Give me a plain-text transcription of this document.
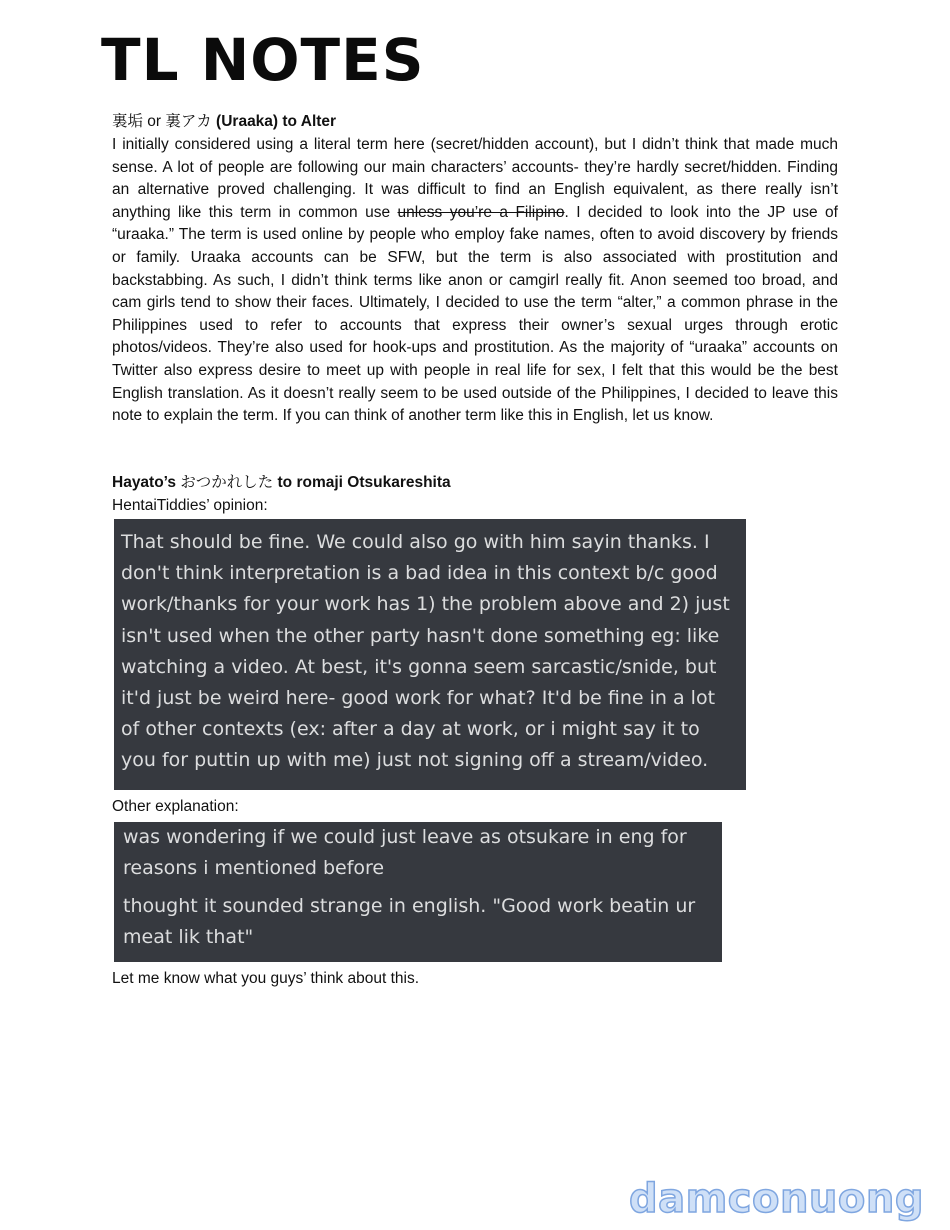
TL NOTES

裏垢 or 裏アカ (Uraaka) to Alter

I initially considered using a literal term here (secret/hidden account), but I didn’t think that made much sense. A lot of people are following our main characters’ accounts- they’re hardly secret/hidden. Finding an alternative proved challenging. It was difficult to find an English equivalent, as there really isn’t anything like this term in common use unless you’re a Filipino. I decided to look into the JP use of “uraaka.” The term is used online by people who employ fake names, often to avoid discovery by friends or family. Uraaka accounts can be SFW, but the term is also associated with prostitution and backstabbing. As such, I didn’t think terms like anon or camgirl really fit. Anon seemed too broad, and cam girls tend to show their faces. Ultimately, I decided to use the term “alter,” a common phrase in the Philippines used to refer to accounts that express their owner’s sexual urges through erotic photos/videos. They’re also used for hook-ups and prostitution. As the majority of “uraaka” accounts on Twitter also express desire to meet up with people in real life for sex, I felt that this would be the best English translation. As it doesn’t really seem to be used outside of the Philippines, I decided to leave this note to explain the term. If you can think of another term like this in English, let us know.

Hayato’s おつかれした to romaji Otsukareshita

HentaiTiddies’ opinion:

That should be fine. We could also go with him sayin thanks. I don't think interpretation is a bad idea in this context b/c good work/thanks for your work has 1) the problem above and 2) just isn't used when the other party hasn't done something eg: like watching a video. At best, it's gonna seem sarcastic/snide, but it'd just be weird here- good work for what? It'd be fine in a lot of other contexts (ex: after a day at work, or i might say it to you for puttin up with me) just not signing off a stream/video.

Other explanation:

was wondering if we could just leave as otsukare in eng for reasons i mentioned before

thought it sounded strange in english. "Good work beatin ur meat lik that"

Let me know what you guys’ think about this.

damconuong
